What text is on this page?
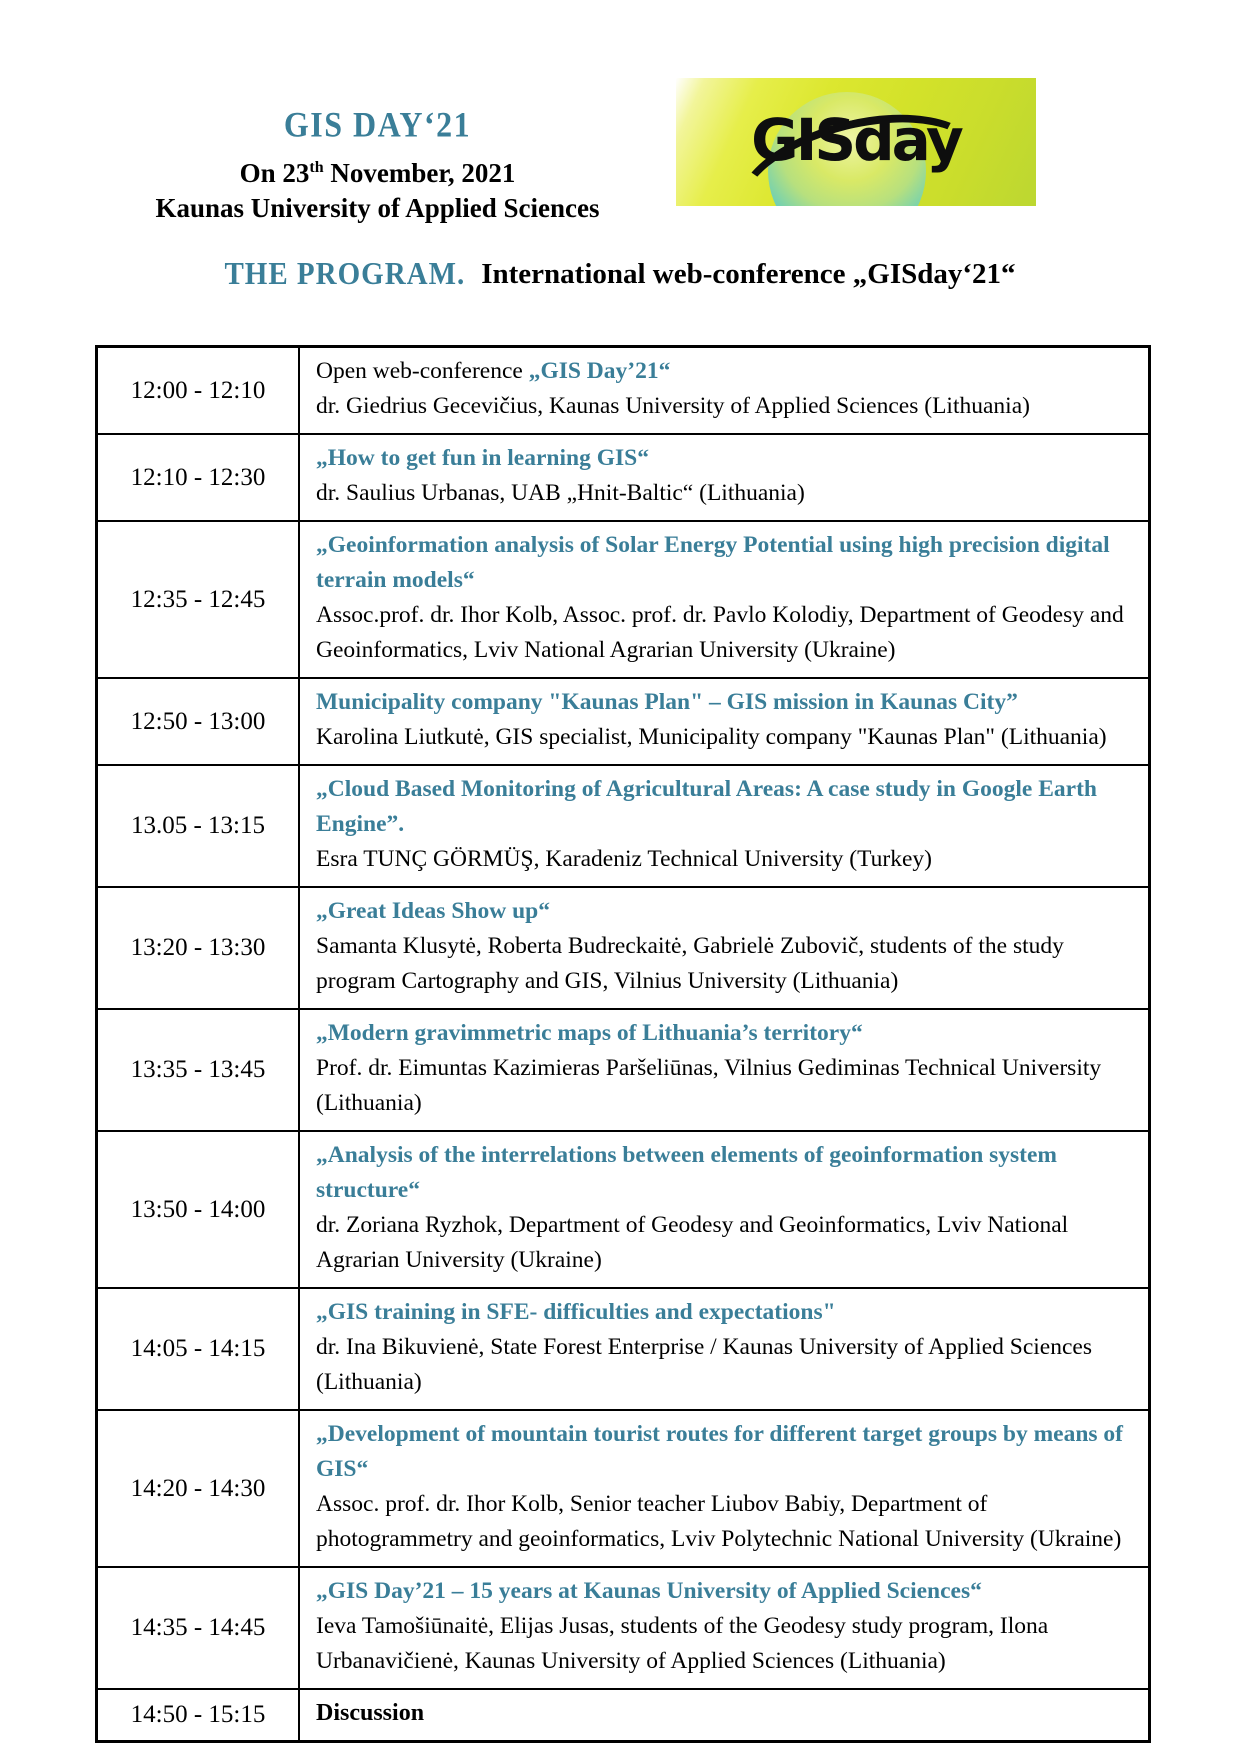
GIS DAY‘21
On 23th November, 2021
Kaunas University of Applied Sciences
GISday
THE PROGRAM. International web-conference „GISday‘21“
12:00 - 12:10	Open web-conference „GIS Day’21“
dr. Giedrius Gecevičius, Kaunas University of Applied Sciences (Lithuania)

12:10 - 12:30	„How to get fun in learning GIS“
dr. Saulius Urbanas, UAB „Hnit-Baltic“ (Lithuania)

12:35 - 12:45	„Geoinformation analysis of Solar Energy Potential using high precision digital terrain models“
Assoc.prof. dr. Ihor Kolb, Assoc. prof. dr. Pavlo Kolodiy, Department of Geodesy and Geoinformatics, Lviv National Agrarian University (Ukraine)

12:50 - 13:00	Municipality company "Kaunas Plan" – GIS mission in Kaunas City”
Karolina Liutkutė, GIS specialist, Municipality company "Kaunas Plan" (Lithuania)

13.05 - 13:15	„Cloud Based Monitoring of Agricultural Areas: A case study in Google Earth Engine”.
Esra TUNÇ GÖRMÜŞ, Karadeniz Technical University (Turkey)

13:20 - 13:30	„Great Ideas Show up“
Samanta Klusytė, Roberta Budreckaitė, Gabrielė Zubovič, students of the study program Cartography and GIS, Vilnius University (Lithuania)

13:35 - 13:45	„Modern gravimmetric maps of Lithuania’s territory“
Prof. dr. Eimuntas Kazimieras Paršeliūnas, Vilnius Gediminas Technical University (Lithuania)

13:50 - 14:00	„Analysis of the interrelations between elements of geoinformation system structure“
dr. Zoriana Ryzhok, Department of Geodesy and Geoinformatics, Lviv National Agrarian University (Ukraine)

14:05 - 14:15	„GIS training in SFE- difficulties and expectations"
dr. Ina Bikuvienė, State Forest Enterprise / Kaunas University of Applied Sciences (Lithuania)

14:20 - 14:30	„Development of mountain tourist routes for different target groups by means of GIS“
Assoc. prof. dr. Ihor Kolb, Senior teacher Liubov Babiy, Department of photogrammetry and geoinformatics, Lviv Polytechnic National University (Ukraine)

14:35 - 14:45	„GIS Day’21 – 15 years at Kaunas University of Applied Sciences“
Ieva Tamošiūnaitė, Elijas Jusas, students of the Geodesy study program, Ilona Urbanavičienė, Kaunas University of Applied Sciences (Lithuania)

14:50 - 15:15	Discussion
